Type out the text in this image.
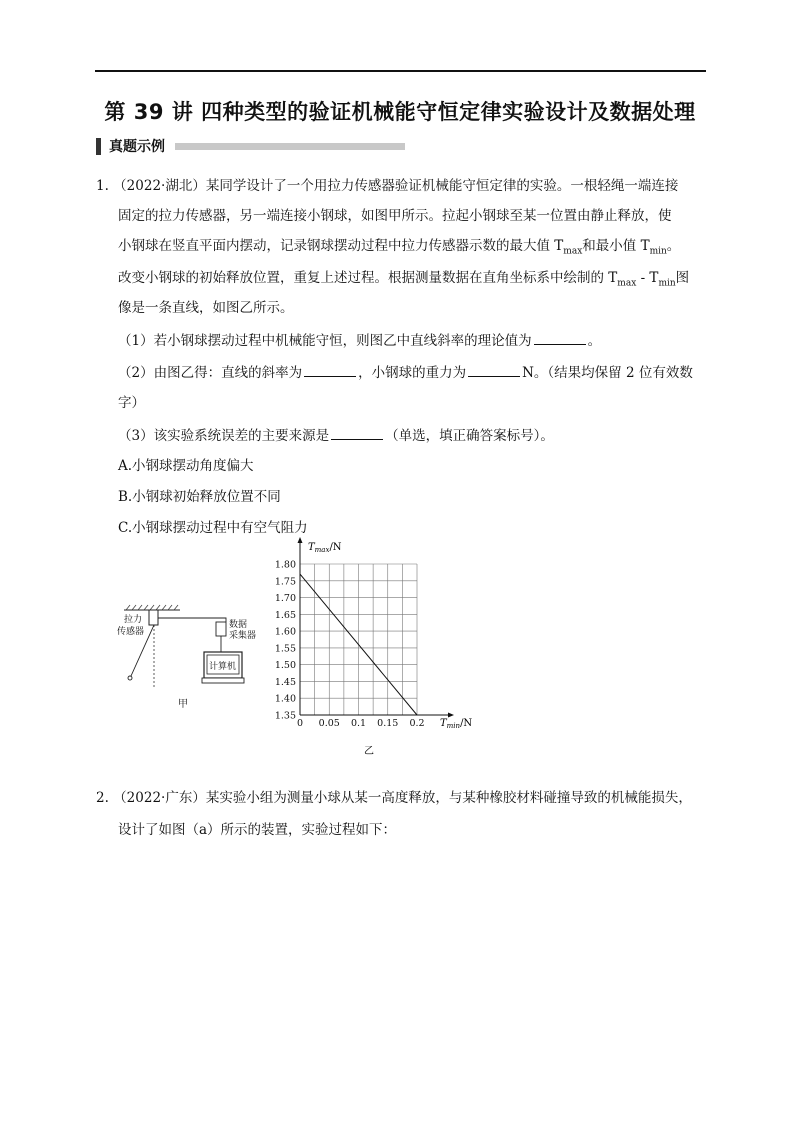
第 39 讲 四种类型的验证机械能守恒定律实验设计及数据处理
真题示例
1. （2022·湖北）某同学设计了一个用拉力传感器验证机械能守恒定律的实验。一根轻绳一端连接
固定的拉力传感器，另一端连接小钢球，如图甲所示。拉起小钢球至某一位置由静止释放，使
小钢球在竖直平面内摆动，记录钢球摆动过程中拉力传感器示数的最大值 $T_{max}$和最小值 $T_{min}$。
改变小钢球的初始释放位置，重复上述过程。根据测量数据在直角坐标系中绘制的 $T_{max} - T_{min}$图
像是一条直线，如图乙所示。
（1）若小钢球摆动过程中机械能守恒，则图乙中直线斜率的理论值为	。
（2）由图乙得：直线的斜率为	，小钢球的重力为	N。（结果均保留 2 位有效数
字）
（3）该实验系统误差的主要来源是	（单选，填正确答案标号）。
A.小钢球摆动角度偏大
B.小钢球初始释放位置不同
C.小钢球摆动过程中有空气阻力
拉力
传感器
数据
采集器
计算机
甲
1.35
1.40
1.45
1.50
1.55
1.60
1.65
1.70
1.75
1.80
0 0.05 0.1 0.15 0.2
$T_{max}/N$
$T_{min}/N$
乙
2. （2022·广东）某实验小组为测量小球从某一高度释放，与某种橡胶材料碰撞导致的机械能损失，
设计了如图（a）所示的装置，实验过程如下：
